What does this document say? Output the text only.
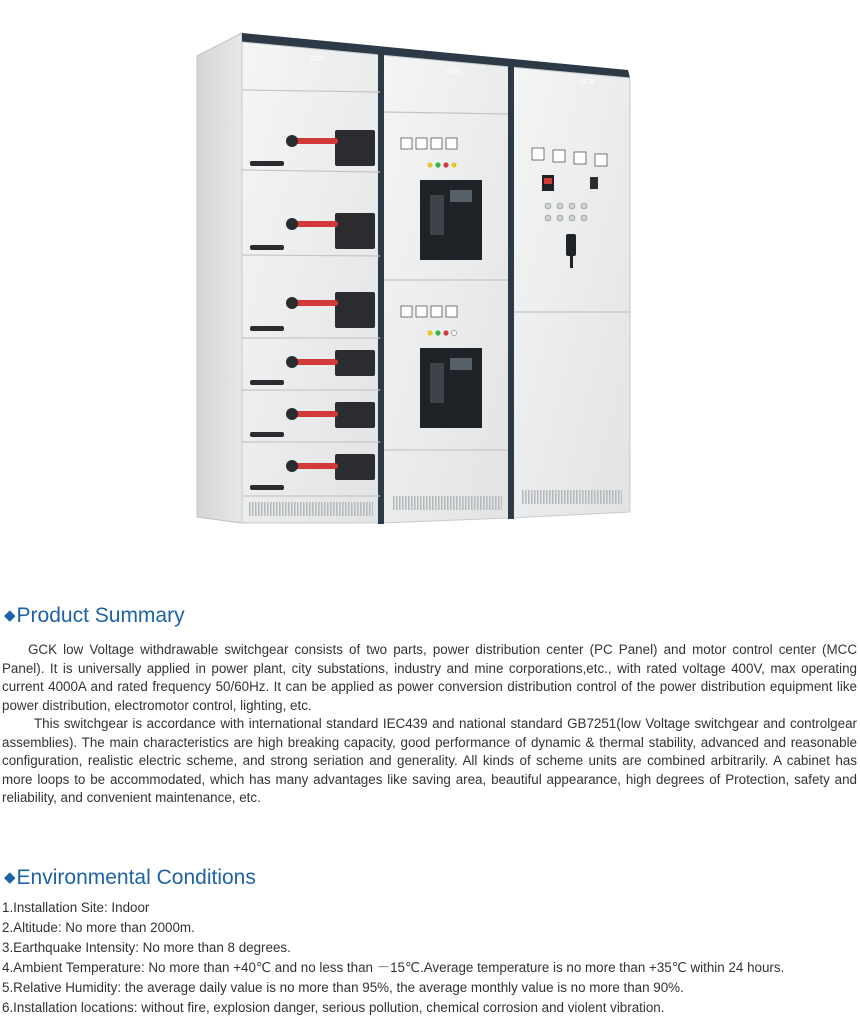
GCK
GCK
GCK
◆Product Summary

GCK low Voltage withdrawable switchgear consists of two parts, power distribution center (PC Panel) and motor control center (MCC Panel). It is universally applied in power plant, city substations, industry and mine corporations,etc., with rated voltage 400V, max operating current 4000A and rated frequency 50/60Hz. It can be applied as power conversion distribution control of the power distribution equipment like power distribution, electromotor control, lighting, etc.

This switchgear is accordance with international standard IEC439 and national standard GB7251(low Voltage switchgear and controlgear assemblies). The main characteristics are high breaking capacity, good performance of dynamic & thermal stability, advanced and reasonable configuration, realistic electric scheme, and strong seriation and generality. All kinds of scheme units are combined arbitrarily. A cabinet has more loops to be accommodated, which has many advantages like saving area, beautiful appearance, high degrees of Protection, safety and reliability, and convenient maintenance, etc.

◆Environmental Conditions
1.Installation Site: Indoor
2.Altitude: No more than 2000m.
3.Earthquake Intensity: No more than 8 degrees.
4.Ambient Temperature: No more than +40℃ and no less than －15℃.Average temperature is no more than +35℃ within 24 hours.
5.Relative Humidity: the average daily value is no more than 95%, the average monthly value is no more than 90%.
6.Installation locations: without fire, explosion danger, serious pollution, chemical corrosion and violent vibration.
